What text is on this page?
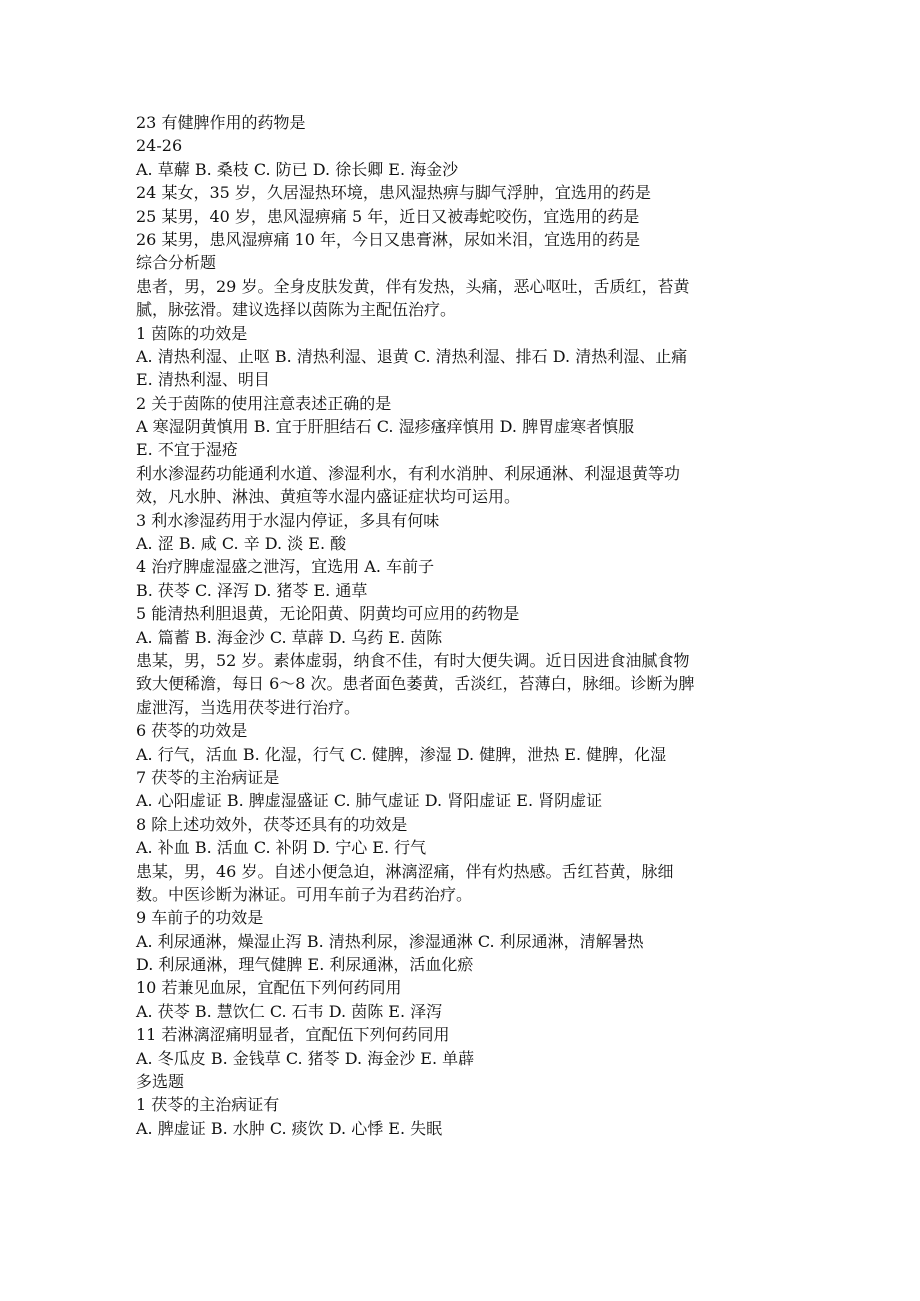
23 有健脾作用的药物是

24-26

A. 草薢 B. 桑枝 C. 防已 D. 徐长卿 E. 海金沙

24 某女，35 岁，久居湿热环境，患风湿热痹与脚气浮肿，宜选用的药是

25 某男，40 岁，患风湿痹痛 5 年，近日又被毒蛇咬伤，宜选用的药是

26 某男，患风湿痹痛 10 年，今日又患膏淋，尿如米泪，宜选用的药是

综合分析题

患者，男，29 岁。全身皮肤发黄，伴有发热，头痛，恶心呕吐，舌质红，苔黄

腻，脉弦滑。建议选择以茵陈为主配伍治疗。

1 茵陈的功效是

A. 清热利湿、止呕 B. 清热利湿、退黄 C. 清热利湿、排石 D. 清热利湿、止痛

E. 清热利湿、明目

2 关于茵陈的使用注意表述正确的是

A 寒湿阴黄慎用 B. 宜于肝胆结石 C. 湿疹瘙痒慎用 D. 脾胃虚寒者慎服

E. 不宜于湿疮

利水渗湿药功能通利水道、渗湿利水，有利水消肿、利尿通淋、利湿退黄等功

效，凡水肿、淋浊、黄疸等水湿内盛证症状均可运用。

3 利水渗湿药用于水湿内停证，多具有何味

A. 涩 B. 咸 C. 辛 D. 淡 E. 酸

4 治疗脾虚湿盛之泄泻，宜选用 A. 车前子

B. 茯苓 C. 泽泻 D. 猪苓 E. 通草

5 能清热利胆退黄，无论阳黄、阴黄均可应用的药物是

A. 篇蓄 B. 海金沙 C. 草薜 D. 乌药 E. 茵陈

患某，男，52 岁。素体虚弱，纳食不佳，有时大便失调。近日因进食油腻食物

致大便稀澹，每日 6～8 次。患者面色萎黄，舌淡红，苔薄白，脉细。诊断为脾

虚泄泻，当选用茯苓进行治疗。

6 茯苓的功效是

A. 行气，活血 B. 化湿，行气 C. 健脾，渗湿 D. 健脾，泄热 E. 健脾，化湿

7 茯苓的主治病证是

A. 心阳虚证 B. 脾虚湿盛证 C. 肺气虚证 D. 肾阳虚证 E. 肾阴虚证

8 除上述功效外，茯苓还具有的功效是

A. 补血 B. 活血 C. 补阴 D. 宁心 E. 行气

患某，男，46 岁。自述小便急迫，淋漓涩痛，伴有灼热感。舌红苔黄，脉细

数。中医诊断为淋证。可用车前子为君药治疗。

9 车前子的功效是

A. 利尿通淋，燥湿止泻 B. 清热利尿，渗湿通淋 C. 利尿通淋，清解暑热

D. 利尿通淋，理气健脾 E. 利尿通淋，活血化瘀

10 若兼见血尿，宜配伍下列何药同用

A. 茯苓 B. 慧饮仁 C. 石韦 D. 茵陈 E. 泽泻

11 若淋漓涩痛明显者，宜配伍下列何药同用

A. 冬瓜皮 B. 金钱草 C. 猪苓 D. 海金沙 E. 单薜

多选题

1 茯苓的主治病证有

A. 脾虚证 B. 水肿 C. 痰饮 D. 心悸 E. 失眠
